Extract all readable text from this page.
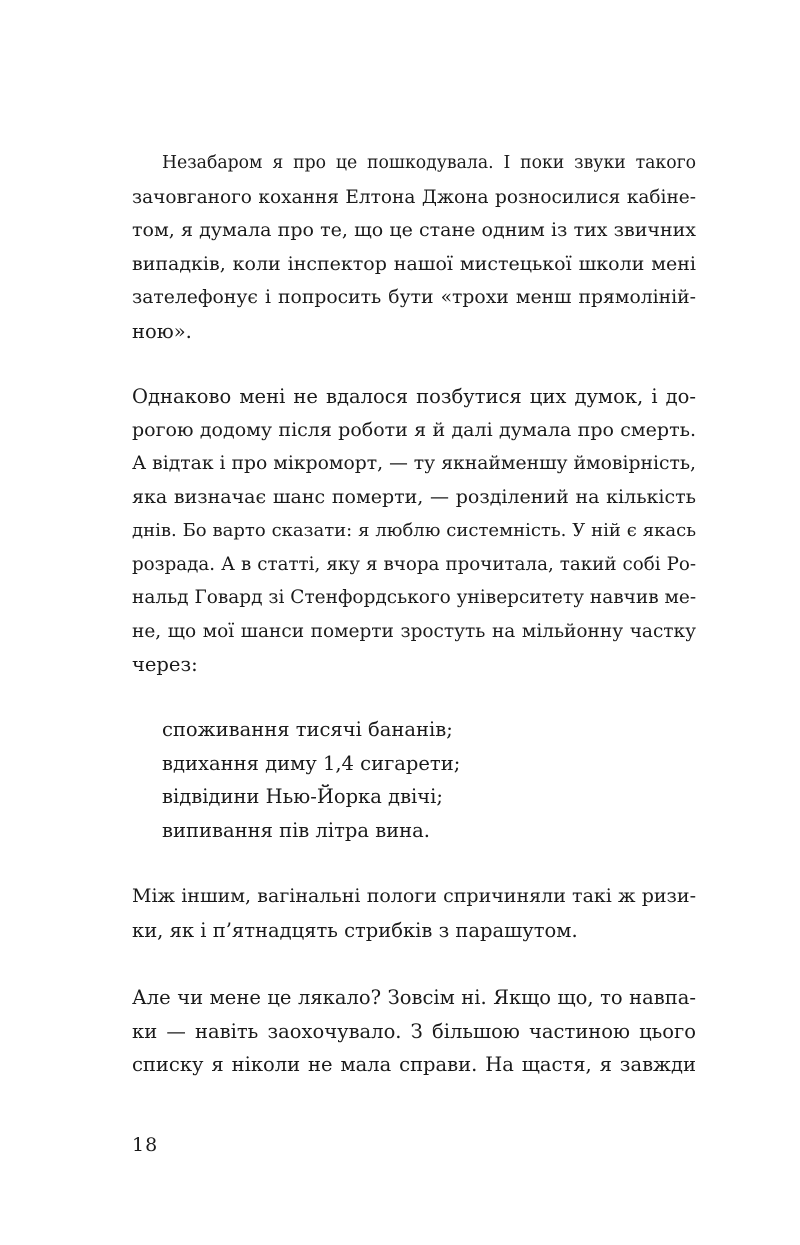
Незабаром я про це пошкодувала. І поки звуки такого
зачовганого кохання Елтона Джона розносилися кабіне-
том, я думала про те, що це стане одним із тих звичних
випадків, коли інспектор нашої мистецької школи мені
зателефонує і попросить бути «трохи менш прямоліній-
ною».
Однаково мені не вдалося позбутися цих думок, і до-
рогою додому після роботи я й далі думала про смерть.
А відтак і про мікроморт, — ту якнайменшу ймовірність,
яка визначає шанс померти, — розділений на кількість
днів. Бо варто сказати: я люблю системність. У ній є якась
розрада. А в статті, яку я вчора прочитала, такий собі Ро-
нальд Говард зі Стенфордського університету навчив ме-
не, що мої шанси померти зростуть на мільйонну частку
через:
споживання тисячі бананів;
вдихання диму 1,4 сигарети;
відвідини Нью-Йорка двічі;
випивання пів літра вина.
Між іншим, вагінальні пологи спричиняли такі ж ризи-
ки, як і п’ятнадцять стрибків з парашутом.
Але чи мене це лякало? Зовсім ні. Якщо що, то навпа-
ки — навіть заохочувало. З більшою частиною цього
списку я ніколи не мала справи. На щастя, я завжди
18
